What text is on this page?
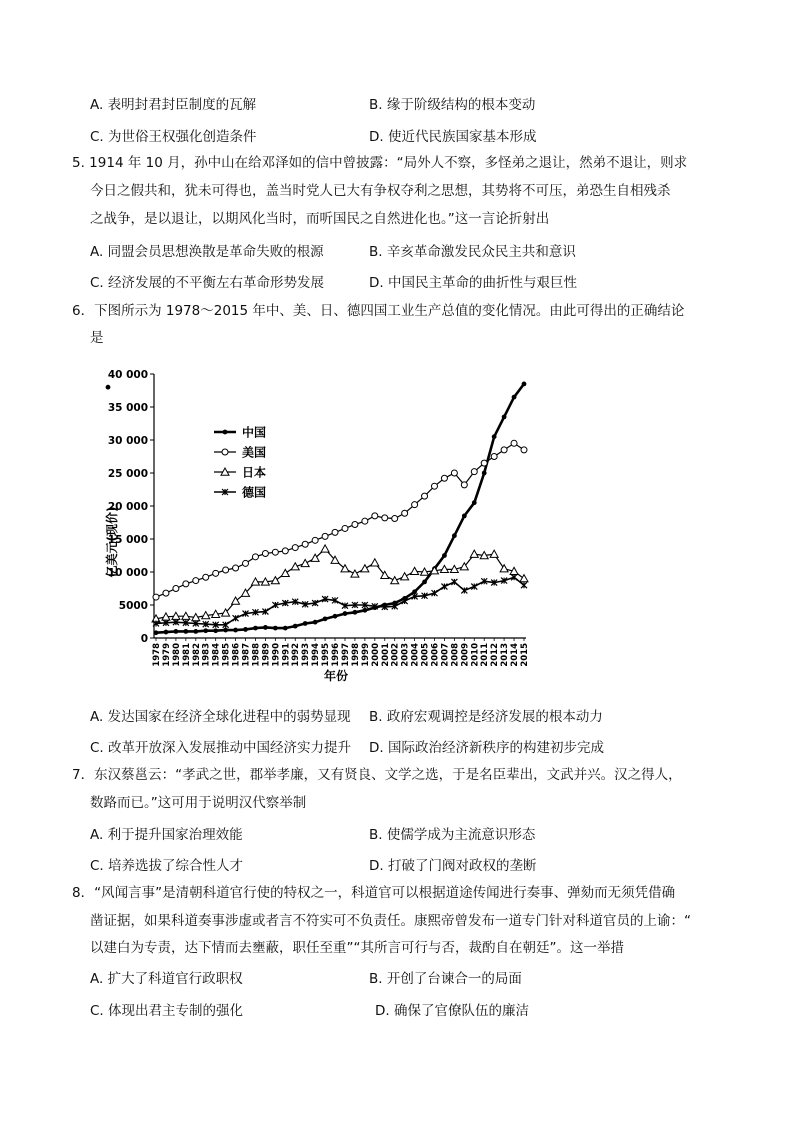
A. 表明封君封臣制度的瓦解	B. 缘于阶级结构的根本变动
C. 为世俗王权强化创造条件	D. 使近代民族国家基本形成
5. 1914 年 10 月，孙中山在给邓泽如的信中曾披露：“局外人不察，多怪弟之退让，然弟不退让，则求
今日之假共和，犹未可得也，盖当时党人已大有争权夺利之思想，其势将不可压，弟恐生自相残杀
之战争，是以退让，以期风化当时，而听国民之自然进化也。”这一言论折射出
A. 同盟会员思想涣散是革命失败的根源	B. 辛亥革命激发民众民主共和意识
C. 经济发展的不平衡左右革命形势发展	D. 中国民主革命的曲折性与艰巨性
6．下图所示为 1978～2015 年中、美、日、德四国工业生产总值的变化情况。由此可得出的正确结论
是
0
5000
10 000
15 000
20 000
25 000
30 000
35 000
40 000
1978 1979 1980 1981 1982 1983 1984 1985 1986 1987 1988 1989 1990 1991 1992 1993 1994 1995 1996 1997 1998 1999 2000 2001 2002 2003 2004 2005 2006 2007 2008 2009 2010 2011 2012 2013 2014 2015
中国
美国
日本
德国
亿美元(现价)
年份
A. 发达国家在经济全球化进程中的弱势显现 B. 政府宏观调控是经济发展的根本动力
C. 改革开放深入发展推动中国经济实力提升 D. 国际政治经济新秩序的构建初步完成
7．东汉蔡邕云：“孝武之世，郡举孝廉，又有贤良、文学之选，于是名臣辈出，文武并兴。汉之得人，
数路而已。”这可用于说明汉代察举制
A. 利于提升国家治理效能	B. 使儒学成为主流意识形态
C. 培养选拔了综合性人才	D. 打破了门阀对政权的垄断
8．“风闻言事”是清朝科道官行使的特权之一，科道官可以根据道途传闻进行奏事、弹劾而无须凭借确
凿证据，如果科道奏事涉虚或者言不符实可不负责任。康熙帝曾发布一道专门针对科道官员的上谕：“
以建白为专责，达下情而去壅蔽，职任至重”“其所言可行与否，裁酌自在朝廷”。这一举措
A. 扩大了科道官行政职权	B. 开创了台谏合一的局面
C. 体现出君主专制的强化	D. 确保了官僚队伍的廉洁
